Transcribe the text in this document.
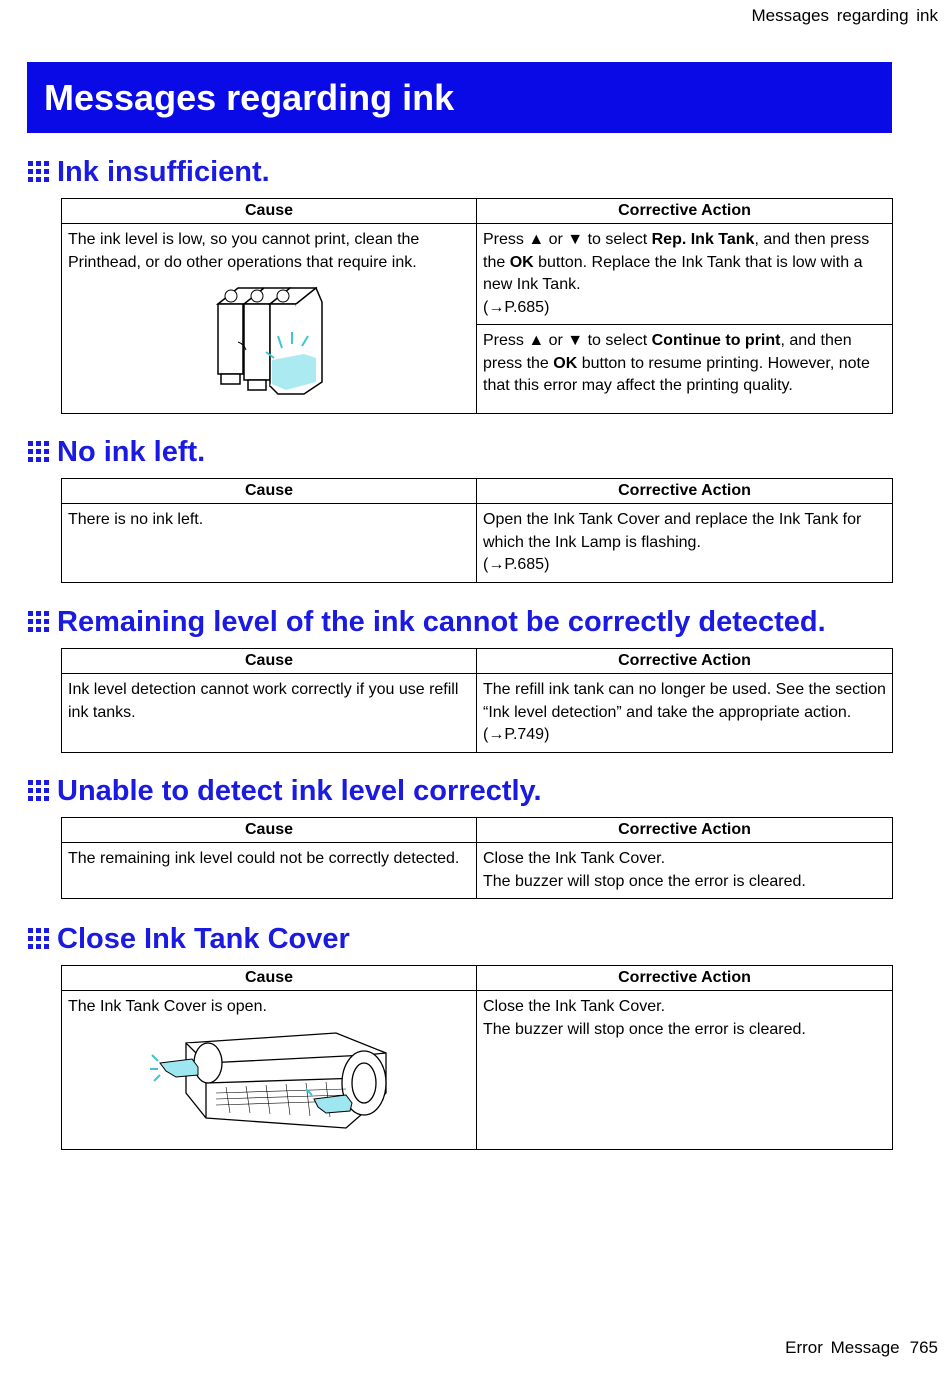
Messages regarding ink
Messages regarding ink
Ink insufficient.
Cause	Corrective Action

The ink level is low, so you cannot print, clean the Printhead, or do other operations that require ink.	Press ▲ or ▼ to select Rep. Ink Tank, and then press the OK button. Replace the Ink Tank that is low with a new Ink Tank.
(→P.685)
	Press ▲ or ▼ to select Continue to print, and then press the OK button to resume printing. However, note that this error may affect the printing quality.
No ink left.
Cause	Corrective Action
There is no ink left.	Open the Ink Tank Cover and replace the Ink Tank for which the Ink Lamp is flashing.
(→P.685)
Remaining level of the ink cannot be correctly detected.
Cause	Corrective Action
Ink level detection cannot work correctly if you use refill ink tanks.	The refill ink tank can no longer be used. See the section “Ink level detection” and take the appropriate action. (→P.749)
Unable to detect ink level correctly.
Cause	Corrective Action
The remaining ink level could not be correctly detected.	Close the Ink Tank Cover.
The buzzer will stop once the error is cleared.
Close Ink Tank Cover
Cause	Corrective Action

The Ink Tank Cover is open.	Close the Ink Tank Cover.
The buzzer will stop once the error is cleared.
Error Message 765
